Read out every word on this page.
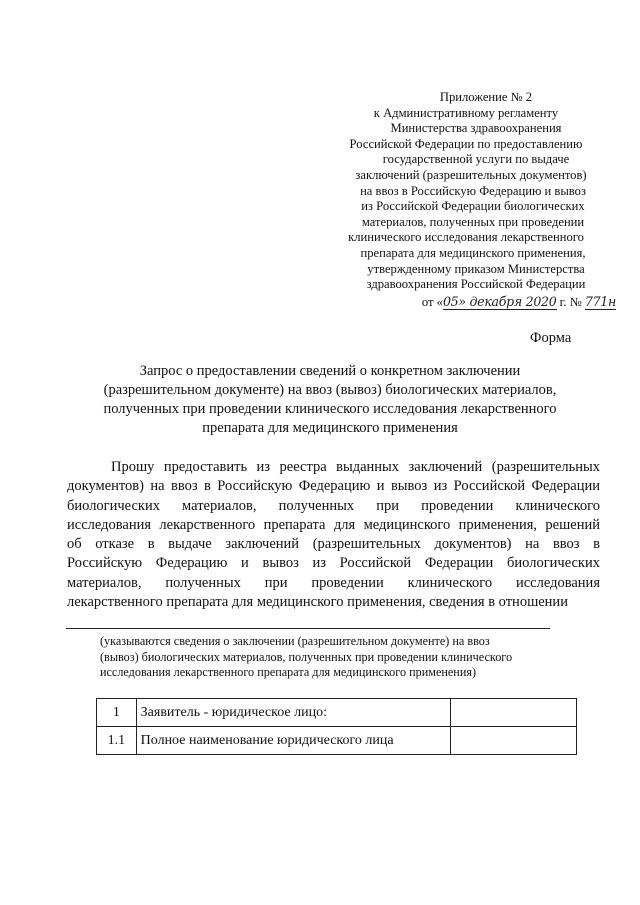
Приложение № 2
к Административному регламенту
Министерства здравоохранения
Российской Федерации по предоставлению
государственной услуги по выдаче
заключений (разрешительных документов)
на ввоз в Российскую Федерацию и вывоз
из Российской Федерации биологических
материалов, полученных при проведении
клинического исследования лекарственного
препарата для медицинского применения,
утвержденному приказом Министерства
здравоохранения Российской Федерации
от «05» декабря 2020 г. № 771н
Форма
Запрос о предоставлении сведений о конкретном заключении
(разрешительном документе) на ввоз (вывоз) биологических материалов,
полученных при проведении клинического исследования лекарственного
препарата для медицинского применения
Прошу предоставить из реестра выданных заключений (разрешительных
документов) на ввоз в Российскую Федерацию и вывоз из Российской Федерации
биологических материалов, полученных при проведении клинического
исследования лекарственного препарата для медицинского применения, решений
об отказе в выдаче заключений (разрешительных документов) на ввоз в
Российскую Федерацию и вывоз из Российской Федерации биологических
материалов, полученных при проведении клинического исследования
лекарственного препарата для медицинского применения, сведения в отношении
(указываются сведения о заключении (разрешительном документе) на ввоз
(вывоз) биологических материалов, полученных при проведении клинического
исследования лекарственного препарата для медицинского применения)
1	Заявитель - юридическое лицо:	
1.1	Полное наименование юридического лица	
